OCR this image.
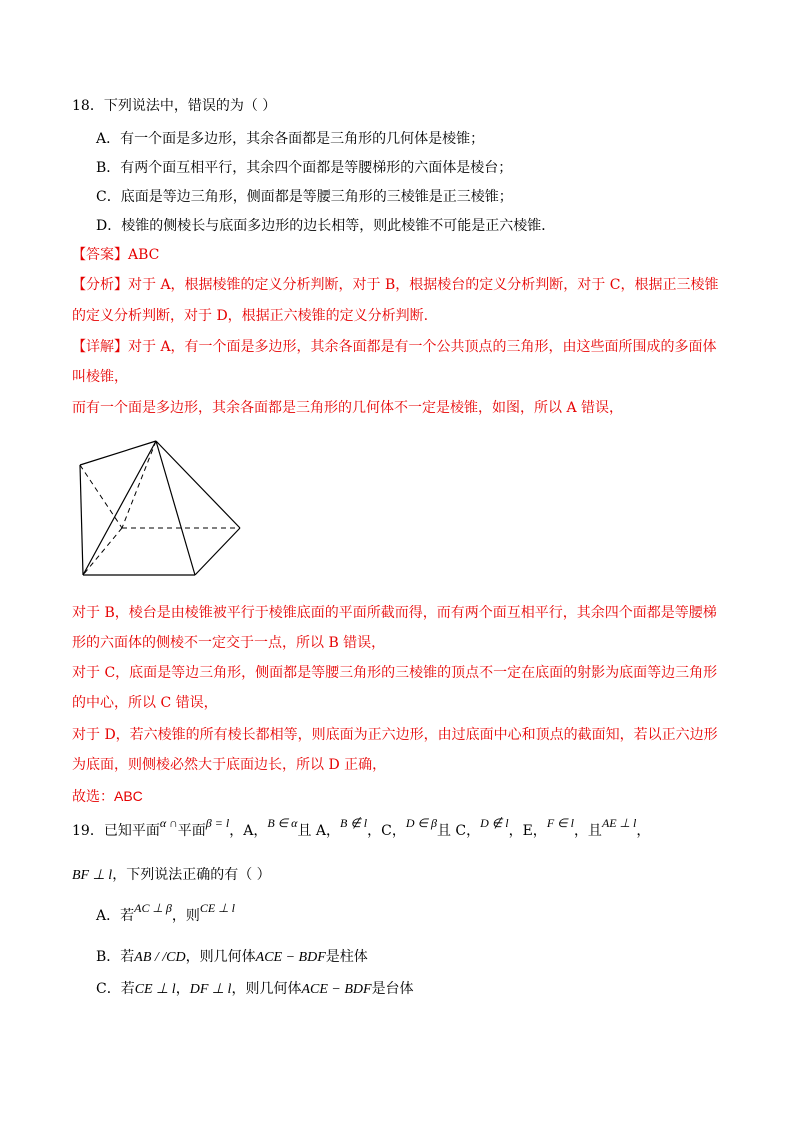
18．下列说法中，错误的为（ ）
A．有一个面是多边形，其余各面都是三角形的几何体是棱锥；
B．有两个面互相平行，其余四个面都是等腰梯形的六面体是棱台；
C．底面是等边三角形，侧面都是等腰三角形的三棱锥是正三棱锥；
D．棱锥的侧棱长与底面多边形的边长相等，则此棱锥不可能是正六棱锥．
【答案】ABC
【分析】对于 A，根据棱锥的定义分析判断，对于 B，根据棱台的定义分析判断，对于 C，根据正三棱锥
的定义分析判断，对于 D，根据正六棱锥的定义分析判断.
【详解】对于 A，有一个面是多边形，其余各面都是有一个公共顶点的三角形，由这些面所围成的多面体
叫棱锥，
而有一个面是多边形，其余各面都是三角形的几何体不一定是棱锥，如图，所以 A 错误，
对于 B，棱台是由棱锥被平行于棱锥底面的平面所截而得，而有两个面互相平行，其余四个面都是等腰梯
形的六面体的侧棱不一定交于一点，所以 B 错误，
对于 C，底面是等边三角形，侧面都是等腰三角形的三棱锥的顶点不一定在底面的射影为底面等边三角形
的中心，所以 C 错误，
对于 D，若六棱锥的所有棱长都相等，则底面为正六边形，由过底面中心和顶点的截面知，若以正六边形
为底面，则侧棱必然大于底面边长，所以 D 正确，
故选：ABC
19．已知平面α ∩平面β = l，A，B ∈ α且 A，B ∉ l，C，D ∈ β且 C，D ∉ l，E，F ∈ l，且AE ⊥ l，
BF ⊥ l，下列说法正确的有（ ）
A．若AC ⊥ β，则CE ⊥ l
B．若AB / /CD，则几何体ACE − BDF是柱体
C．若CE ⊥ l，DF ⊥ l，则几何体ACE − BDF是台体
